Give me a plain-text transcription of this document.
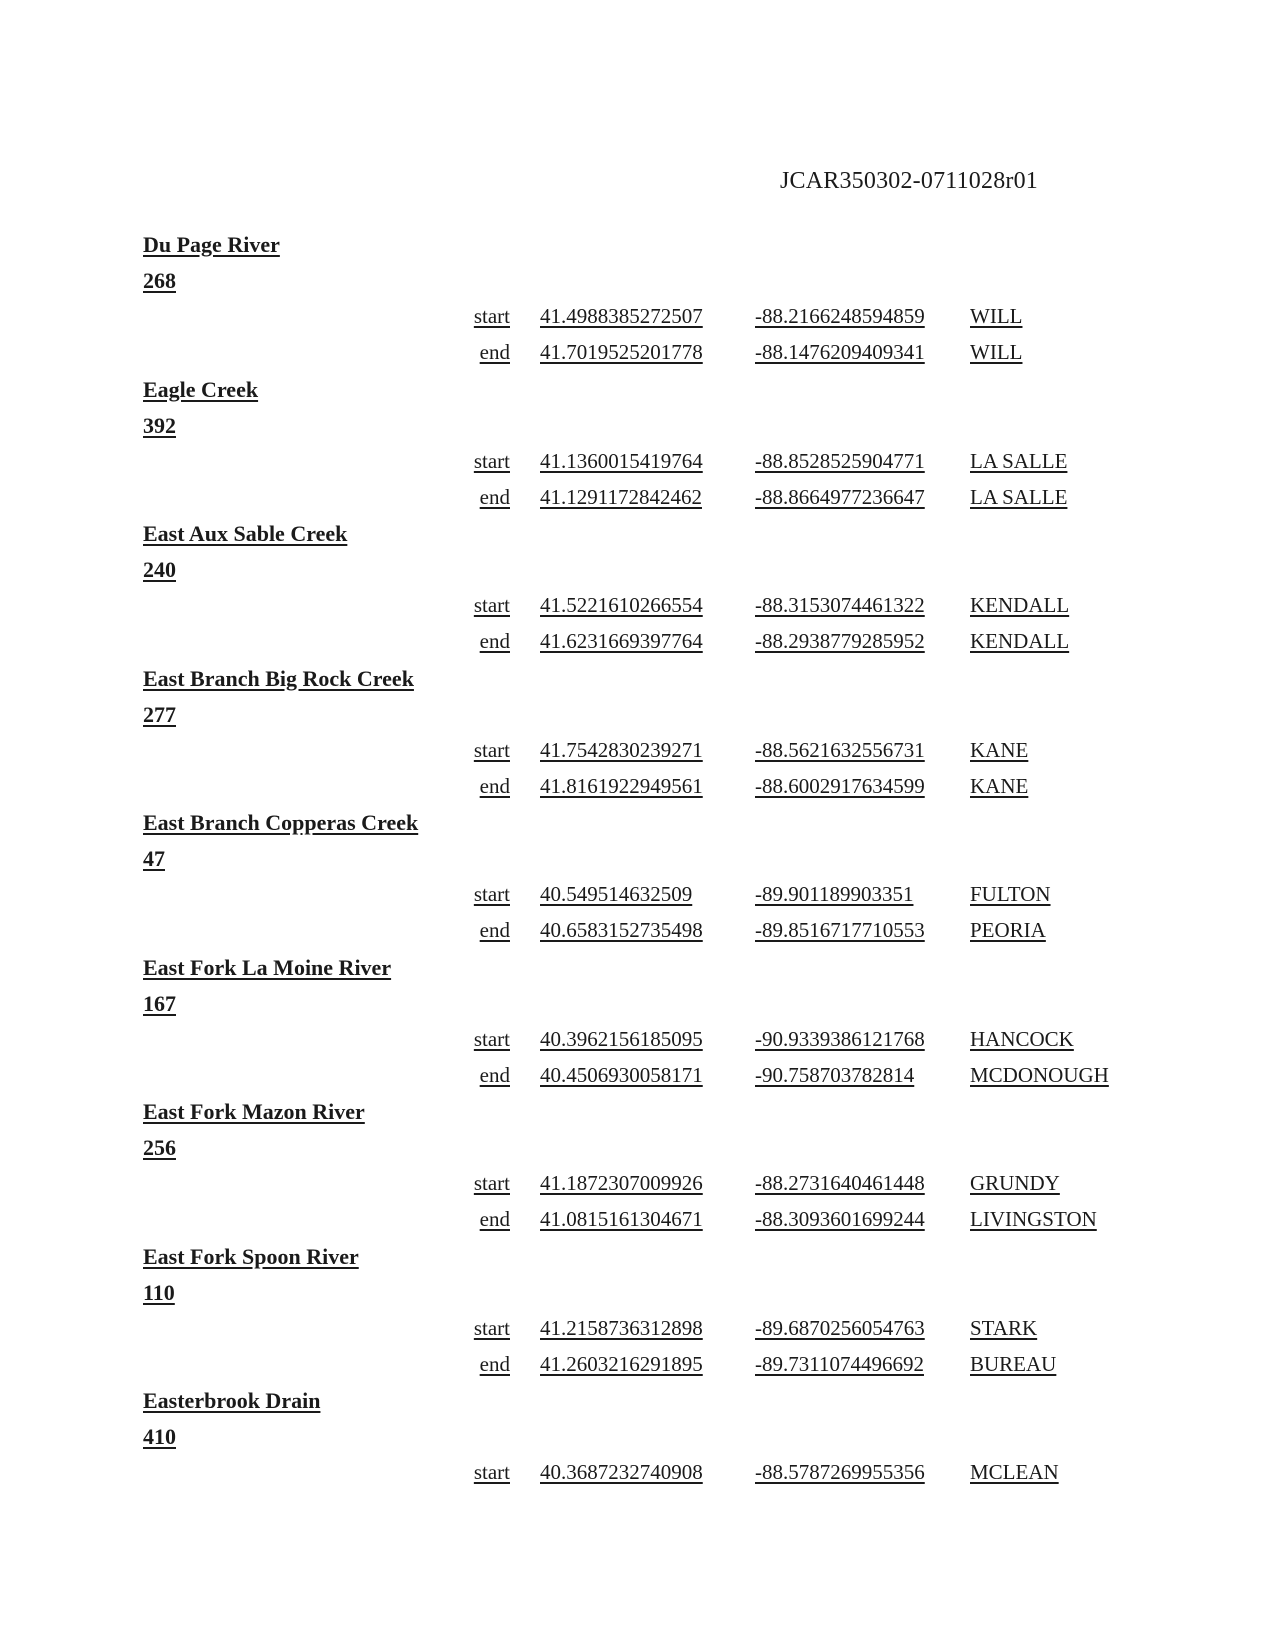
JCAR350302-0711028r01
Du Page River
268
start 41.4988385272507 -88.2166248594859 WILL
end 41.7019525201778 -88.1476209409341 WILL
Eagle Creek
392
start 41.1360015419764 -88.8528525904771 LA SALLE
end 41.1291172842462	-88.8664977236647 LA SALLE
East Aux Sable Creek
240
start 41.5221610266554 -88.3153074461322 KENDALL
end 41.6231669397764 -88.2938779285952 KENDALL
East Branch Big Rock Creek
277
start 41.7542830239271 -88.5621632556731 KANE
end 41.8161922949561 -88.6002917634599 KANE
East Branch Copperas Creek
47
start 40.549514632509	-89.901189903351	FULTON
end 40.6583152735498 -89.8516717710553 PEORIA
East Fork La Moine River
167
start 40.3962156185095 -90.9339386121768 HANCOCK
end 40.4506930058171 -90.758703782814	MCDONOUGH
East Fork Mazon River
256
start 41.1872307009926 -88.2731640461448 GRUNDY
end 41.0815161304671 -88.3093601699244 LIVINGSTON
East Fork Spoon River
110
start 41.2158736312898 -89.6870256054763 STARK
end 41.2603216291895 -89.7311074496692 BUREAU
Easterbrook Drain
410
start 40.3687232740908 -88.5787269955356 MCLEAN
